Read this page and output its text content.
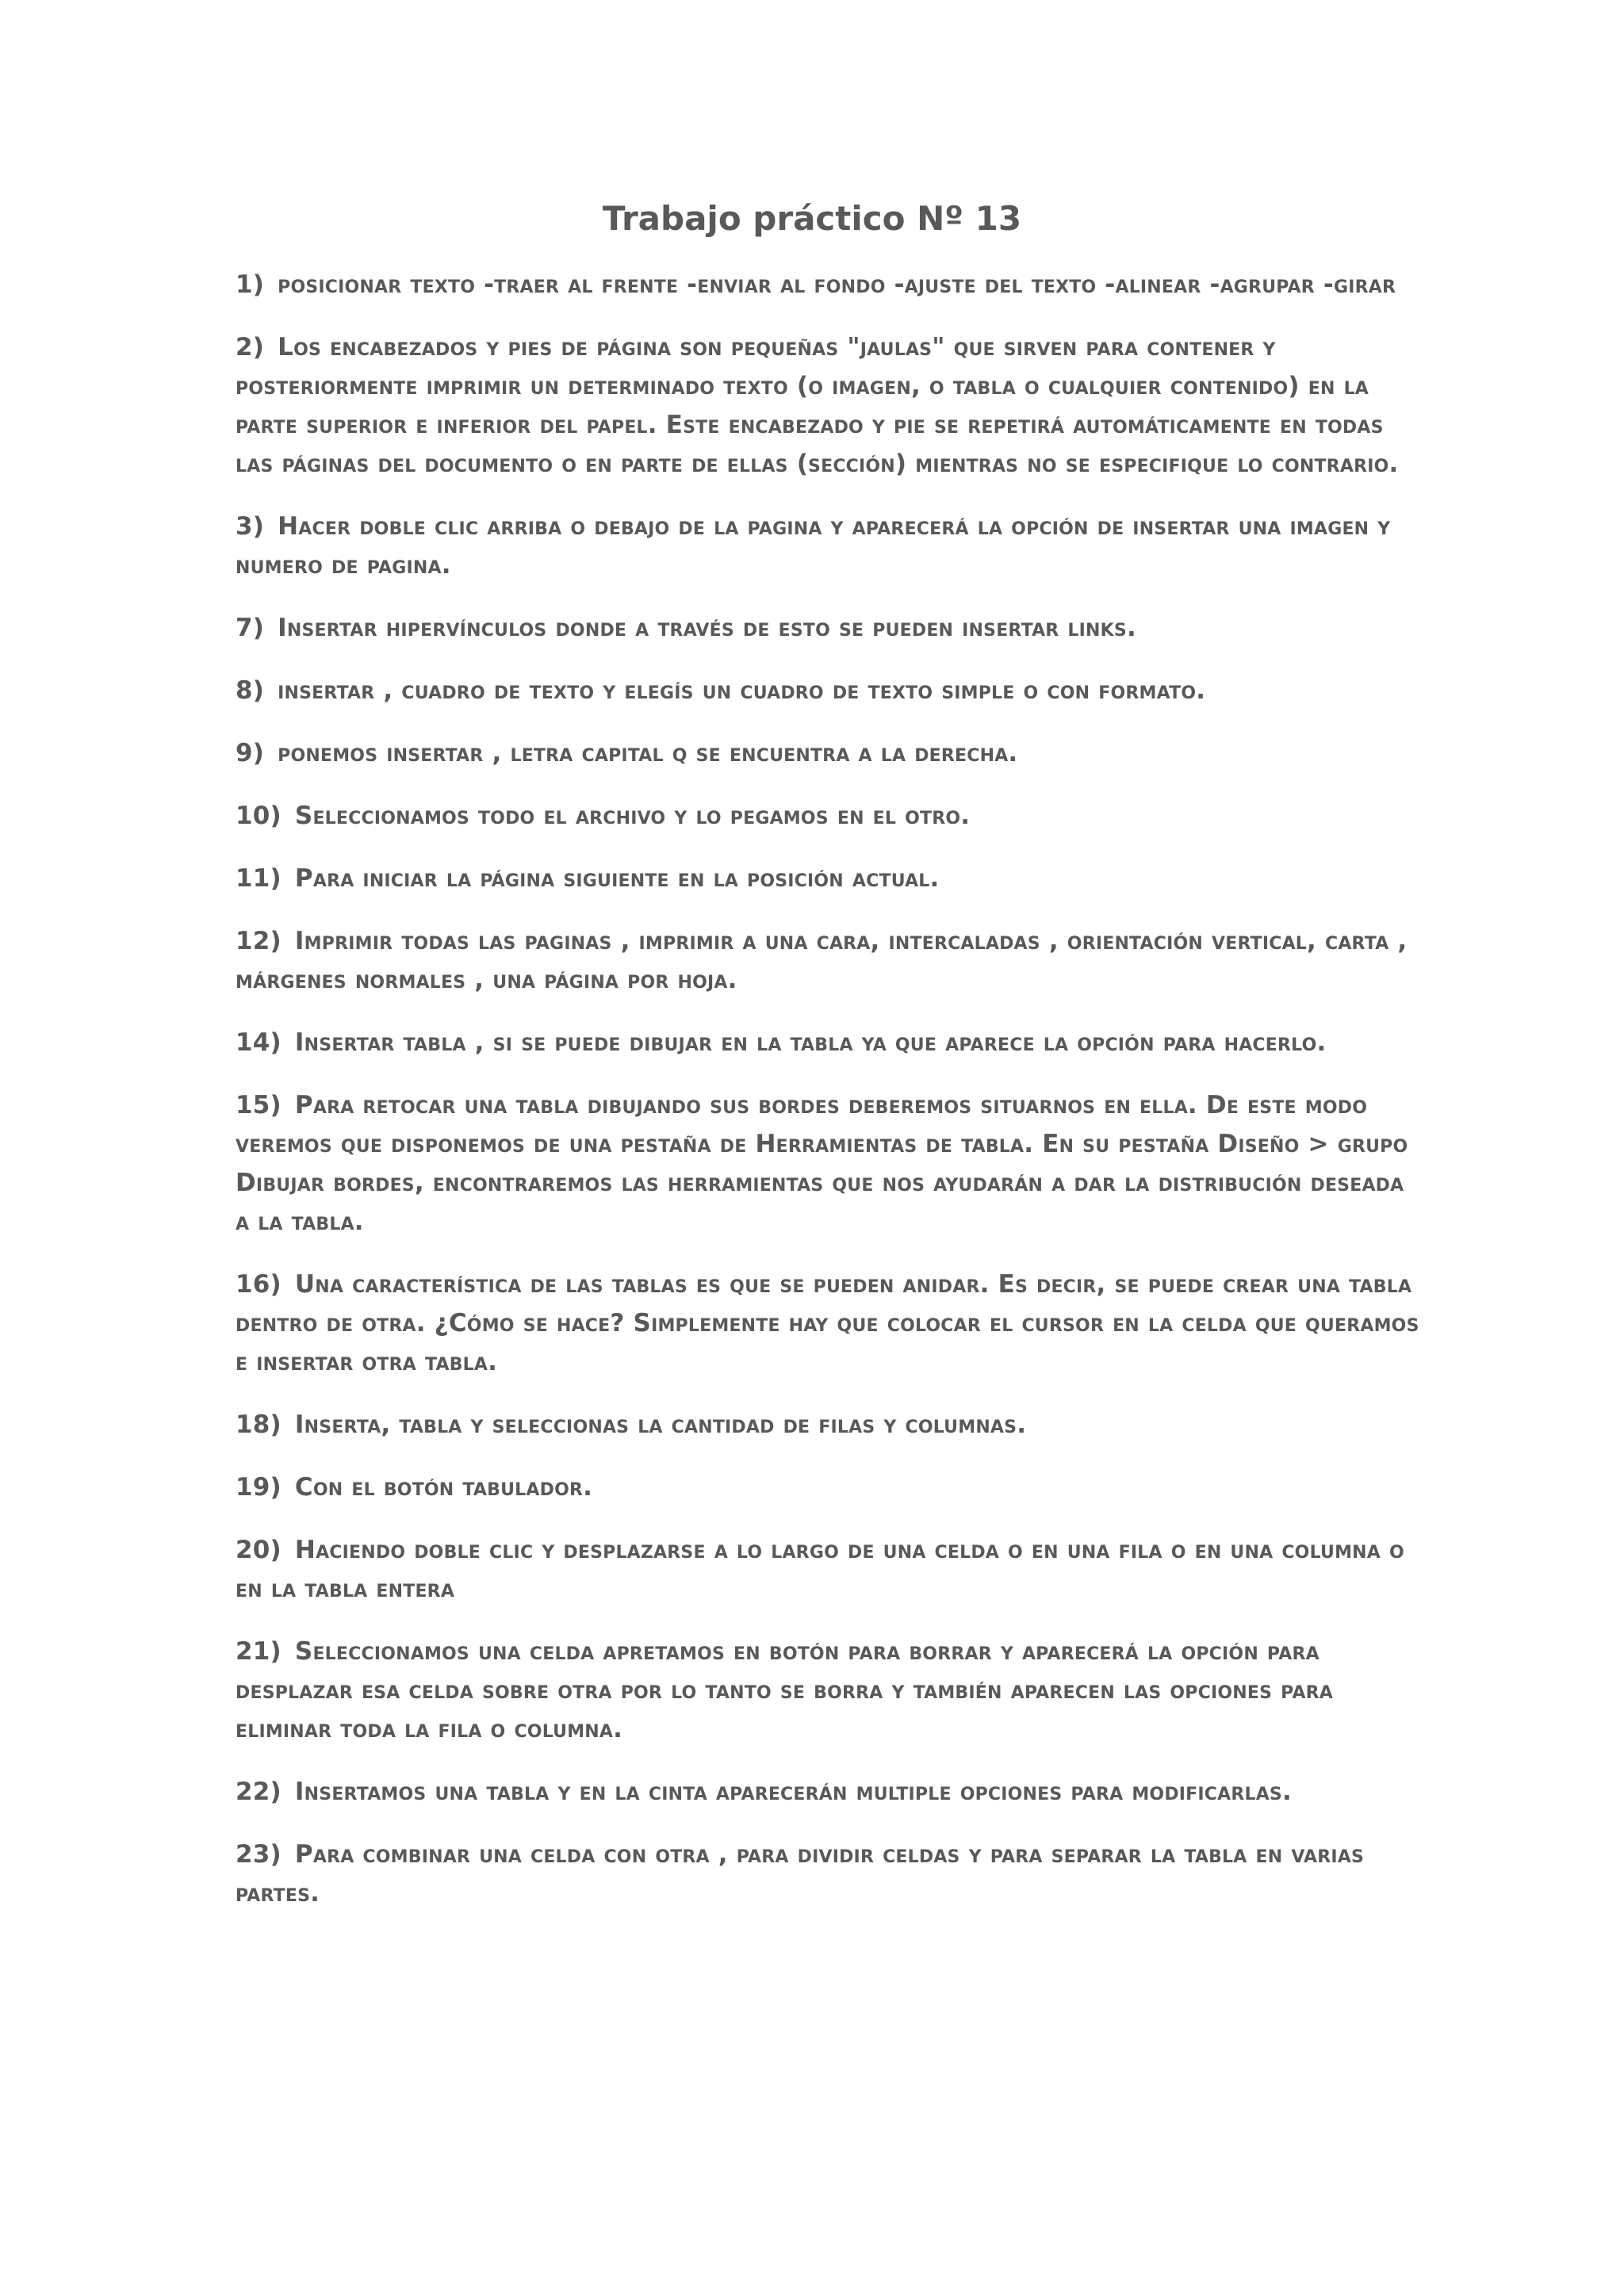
Trabajo práctico Nº 13

1) posicionar texto -traer al frente -enviar al fondo -ajuste del texto -alinear -agrupar -girar

2) Los encabezados y pies de página son pequeñas "jaulas" que sirven para contener y posteriormente imprimir un determinado texto (o imagen, o tabla o cualquier contenido) en la parte superior e inferior del papel. Este encabezado y pie se repetirá automáticamente en todas las páginas del documento o en parte de ellas (sección) mientras no se especifique lo contrario.

3) Hacer doble clic arriba o debajo de la pagina y aparecerá la opción de insertar una imagen y numero de pagina.

7) Insertar hipervínculos donde a través de esto se pueden insertar links.

8) insertar , cuadro de texto y elegís un cuadro de texto simple o con formato.

9) ponemos insertar , letra capital q se encuentra a la derecha.

10) Seleccionamos todo el archivo y lo pegamos en el otro.

11) Para iniciar la página siguiente en la posición actual.

12) Imprimir todas las paginas , imprimir a una cara, intercaladas , orientación vertical, carta , márgenes normales , una página por hoja.

14) Insertar tabla , si se puede dibujar en la tabla ya que aparece la opción para hacerlo.

15) Para retocar una tabla dibujando sus bordes deberemos situarnos en ella. De este modo veremos que disponemos de una pestaña de Herramientas de tabla. En su pestaña Diseño > grupo Dibujar bordes, encontraremos las herramientas que nos ayudarán a dar la distribución deseada a la tabla.

16) Una característica de las tablas es que se pueden anidar. Es decir, se puede crear una tabla dentro de otra. ¿Cómo se hace? Simplemente hay que colocar el cursor en la celda que queramos e insertar otra tabla.

18) Inserta, tabla y seleccionas la cantidad de filas y columnas.

19) Con el botón tabulador.

20) Haciendo doble clic y desplazarse a lo largo de una celda o en una fila o en una columna o en la tabla entera

21) Seleccionamos una celda apretamos en botón para borrar y aparecerá la opción para desplazar esa celda sobre otra por lo tanto se borra y también aparecen las opciones para eliminar toda la fila o columna.

22) Insertamos una tabla y en la cinta aparecerán multiple opciones para modificarlas.

23) Para combinar una celda con otra , para dividir celdas y para separar la tabla en varias partes.
